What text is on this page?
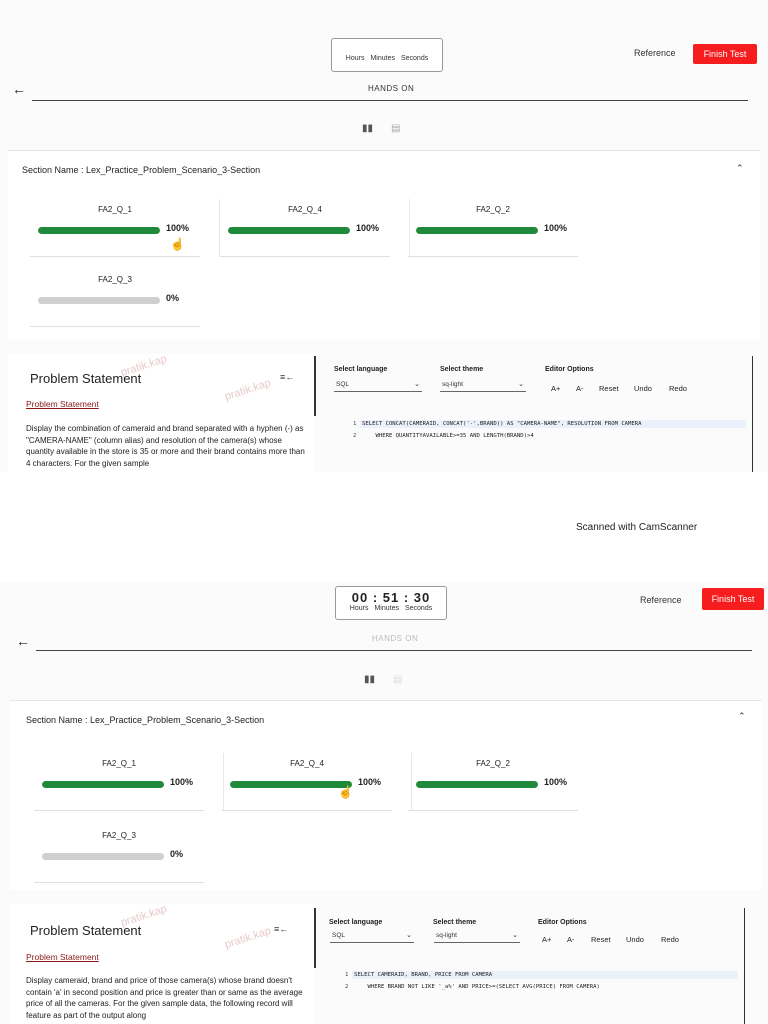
Hours Minutes Seconds
Reference	Finish Test
←	HANDS ON
▮▮ ▤
Section Name : Lex_Practice_Problem_Scenario_3-Section	⌃
FA2_Q_1
100%
FA2_Q_4
100%
FA2_Q_2
100%
FA2_Q_3
0%
☝
pratik.kap
pratik.kap
Problem Statement	≡←
Problem Statement
Display the combination of cameraid and brand separated with a hyphen (-) as "CAMERA-NAME" (column alias) and resolution of the camera(s) whose quantity available in the store is 35 or more and their brand contains more than 4 characters. For the given sample
Select language
SQL	⌄
Select theme
sq-light	⌄
Editor Options
A+ A- Reset Undo Redo
1 SELECT CONCAT(CAMERAID, CONCAT('-',BRAND)) AS "CAMERA-NAME", RESOLUTION FROM CAMERA
2 WHERE QUANTITYAVAILABLE>=35 AND LENGTH(BRAND)>4
Scanned with CamScanner
00 : 51 : 30
Hours Minutes Seconds
Reference	Finish Test
←	HANDS ON
▮▮ ▤
Section Name : Lex_Practice_Problem_Scenario_3-Section	⌃
FA2_Q_1
100%
FA2_Q_4
100%
FA2_Q_2
100%
FA2_Q_3
0%
☝
pratik.kap
pratik.kap
Problem Statement	≡←
Problem Statement
Display cameraid, brand and price of those camera(s) whose brand doesn't contain 'a' in second position and price is greater than or same as the average price of all the cameras. For the given sample data, the following record will feature as part of the output along
Select language
SQL	⌄
Select theme
sq-light	⌄
Editor Options
A+ A- Reset Undo Redo
1 SELECT CAMERAID, BRAND, PRICE FROM CAMERA
2 WHERE BRAND NOT LIKE '_a%' AND PRICE>=(SELECT AVG(PRICE) FROM CAMERA)
